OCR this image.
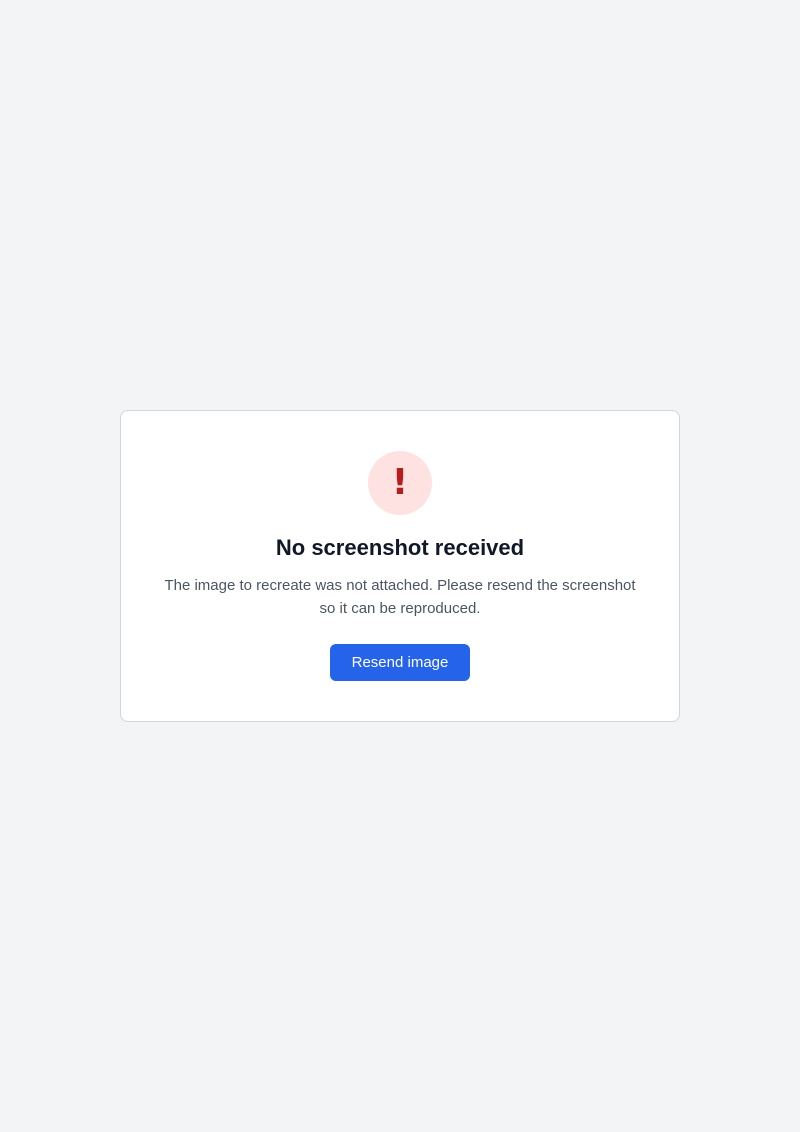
!
No screenshot received

The image to recreate was not attached. Please resend the screenshot so it can be reproduced.

Resend image
